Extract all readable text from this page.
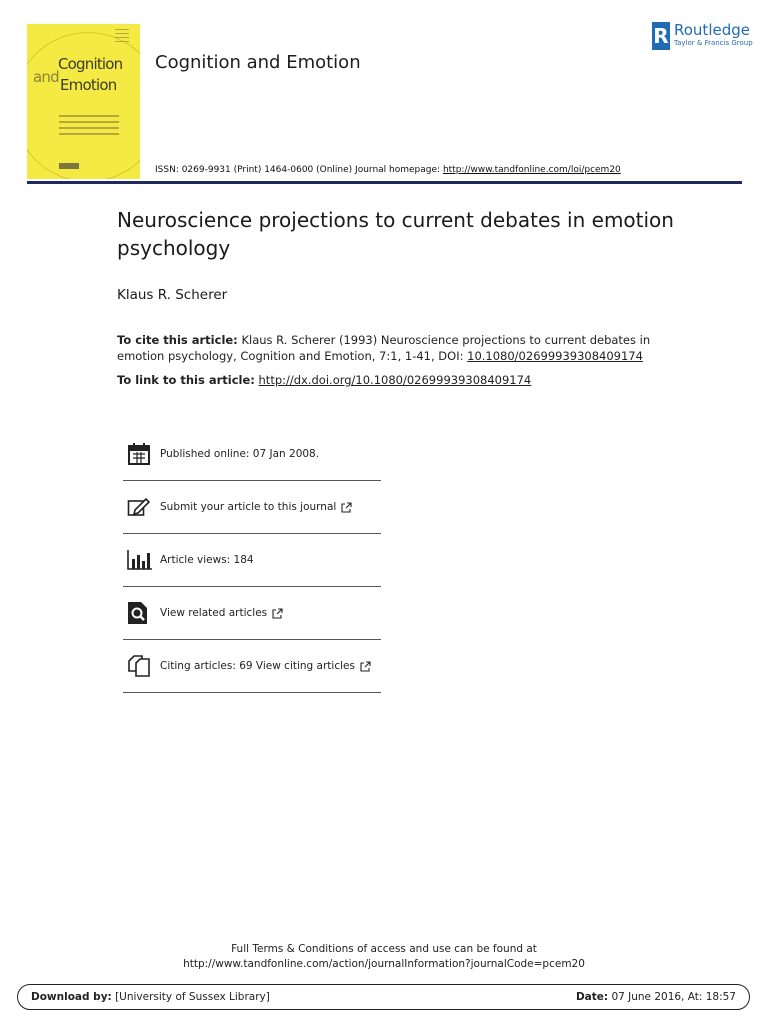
Cognition
and Emotion
Cognition and Emotion
R Routledge
Taylor & Francis Group
ISSN: 0269-9931 (Print) 1464-0600 (Online) Journal homepage: http://www.tandfonline.com/loi/pcem20
Neuroscience projections to current debates in emotion psychology
Klaus R. Scherer
To cite this article: Klaus R. Scherer (1993) Neuroscience projections to current debates in emotion psychology, Cognition and Emotion, 7:1, 1-41, DOI: 10.1080/02699939308409174
To link to this article: http://dx.doi.org/10.1080/02699939308409174
Published online: 07 Jan 2008.
Submit your article to this journal
Article views: 184
View related articles
Citing articles: 69 View citing articles
Full Terms & Conditions of access and use can be found at
http://www.tandfonline.com/action/journalInformation?journalCode=pcem20
Download by: [University of Sussex Library]	Date: 07 June 2016, At: 18:57
